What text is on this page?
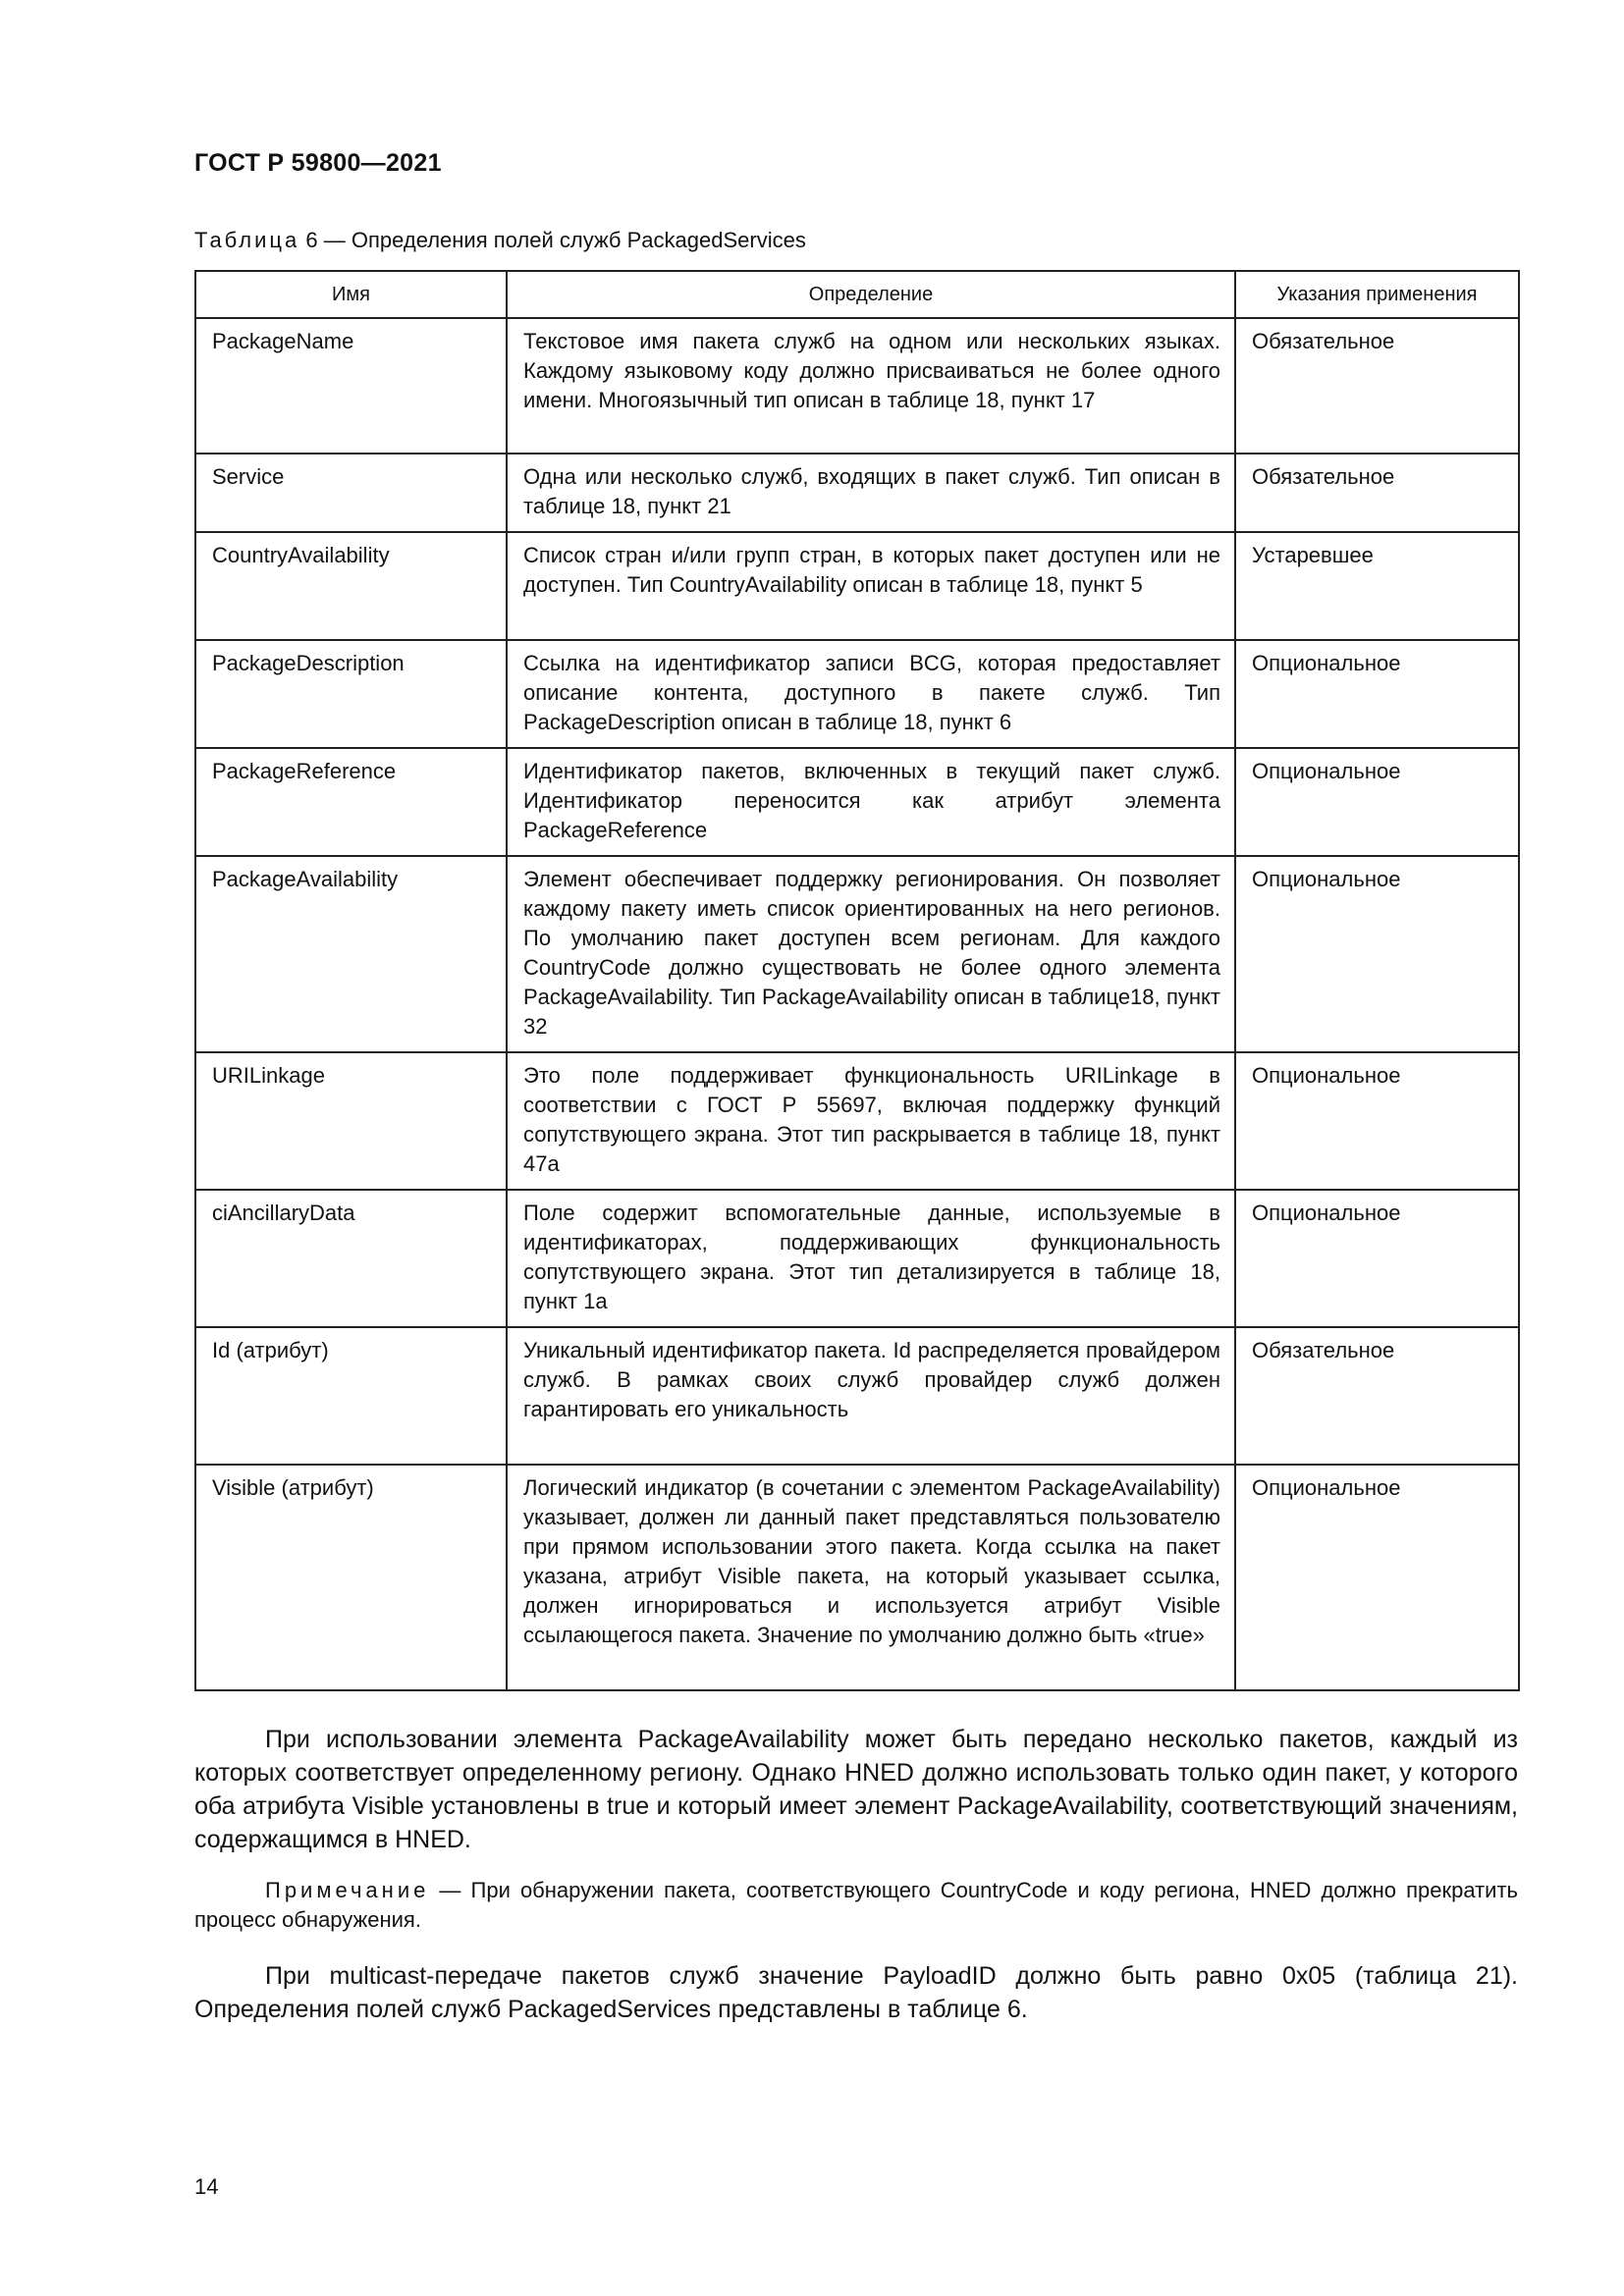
ГОСТ Р 59800—2021
Таблица 6 — Определения полей служб PackagedServices
Имя	Определение	Указания применения
PackageName	Текстовое имя пакета служб на одном или нескольких языках. Каждому языковому коду должно присваиваться не более одного имени. Многоязычный тип описан в таблице 18, пункт 17	Обязательное
Service	Одна или несколько служб, входящих в пакет служб. Тип описан в таблице 18, пункт 21	Обязательное
CountryAvailability	Список стран и/или групп стран, в которых пакет доступен или не доступен. Тип CountryAvailability описан в таблице 18, пункт 5	Устаревшее
PackageDescription	Ссылка на идентификатор записи BCG, которая предоставляет описание контента, доступного в пакете служб. Тип PackageDescription описан в таблице 18, пункт 6	Опциональное
PackageReference	Идентификатор пакетов, включенных в текущий пакет служб. Идентификатор переносится как атрибут элемента PackageReference	Опциональное
PackageAvailability	Элемент обеспечивает поддержку регионирования. Он позволяет каждому пакету иметь список ориентированных на него регионов. По умолчанию пакет доступен всем регионам. Для каждого CountryCode должно существовать не более одного элемента PackageAvailability. Тип PackageAvailability описан в таблице18, пункт 32	Опциональное
URILinkage	Это поле поддерживает функциональность URILinkage в соответствии с ГОСТ Р 55697, включая поддержку функций сопутствующего экрана. Этот тип раскрывается в таблице 18, пункт 47а	Опциональное
ciAncillaryData	Поле содержит вспомогательные данные, используемые в идентификаторах, поддерживающих функциональность сопутствующего экрана. Этот тип детализируется в таблице 18, пункт 1а	Опциональное
Id (атрибут)	Уникальный идентификатор пакета. Id распределяется провайдером служб. В рамках своих служб провайдер служб должен гарантировать его уникальность	Обязательное
Visible (атрибут)	Логический индикатор (в сочетании с элементом PackageAvailability) указывает, должен ли данный пакет представляться пользователю при прямом использовании этого пакета. Когда ссылка на пакет указана, атрибут Visible пакета, на который указывает ссылка, должен игнорироваться и используется атрибут Visible ссылающегося пакета. Значение по умолчанию должно быть «true»	Опциональное
При использовании элемента PackageAvailability может быть передано несколько пакетов, каждый из которых соответствует определенному региону. Однако HNED должно использовать только один пакет, у которого оба атрибута Visible установлены в true и который имеет элемент PackageAvailability, соответствующий значениям, содержащимся в HNED.
Примечание — При обнаружении пакета, соответствующего CountryCode и коду региона, HNED должно прекратить процесс обнаружения.
При multicast-передаче пакетов служб значение PayloadID должно быть равно 0x05 (таблица 21). Определения полей служб PackagedServices представлены в таблице 6.
14
